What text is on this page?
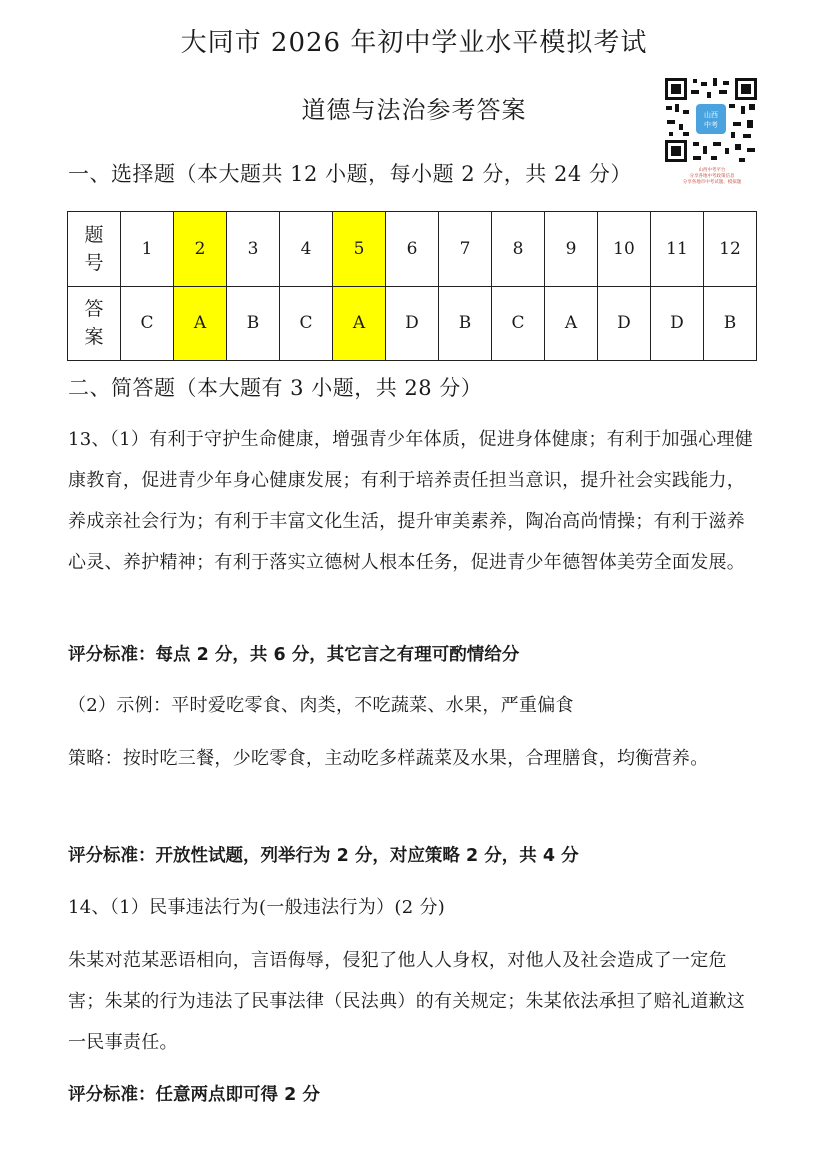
大同市 2026 年初中学业水平模拟考试
道德与法治参考答案	山西
中考
山西中考平台
分享各地中考政策信息
分享各地市中考试题、模拟题
一、选择题（本大题共 12 小题，每小题 2 分，共 24 分）
题号	1	2	3	4	5	6	7	8	9	10	11	12

答案	C	A	B	C	A	D	B	C	A	D	D	B
二、简答题（本大题有 3 小题，共 28 分）
13、（1）有利于守护生命健康，增强青少年体质，促进身体健康；有利于加强心理健康教育，促进青少年身心健康发展；有利于培养责任担当意识，提升社会实践能力，养成亲社会行为；有利于丰富文化生活，提升审美素养，陶冶高尚情操；有利于滋养心灵、养护精神；有利于落实立德树人根本任务，促进青少年德智体美劳全面发展。
评分标准：每点 2 分，共 6 分，其它言之有理可酌情给分
（2）示例：平时爱吃零食、肉类，不吃蔬菜、水果，严重偏食
策略：按时吃三餐，少吃零食，主动吃多样蔬菜及水果，合理膳食，均衡营养。
评分标准：开放性试题，列举行为 2 分，对应策略 2 分，共 4 分
14、（1）民事违法行为(一般违法行为）(2 分)
朱某对范某恶语相向，言语侮辱，侵犯了他人人身权，对他人及社会造成了一定危害；朱某的行为违法了民事法律（民法典）的有关规定；朱某依法承担了赔礼道歉这一民事责任。
评分标准：任意两点即可得 2 分
